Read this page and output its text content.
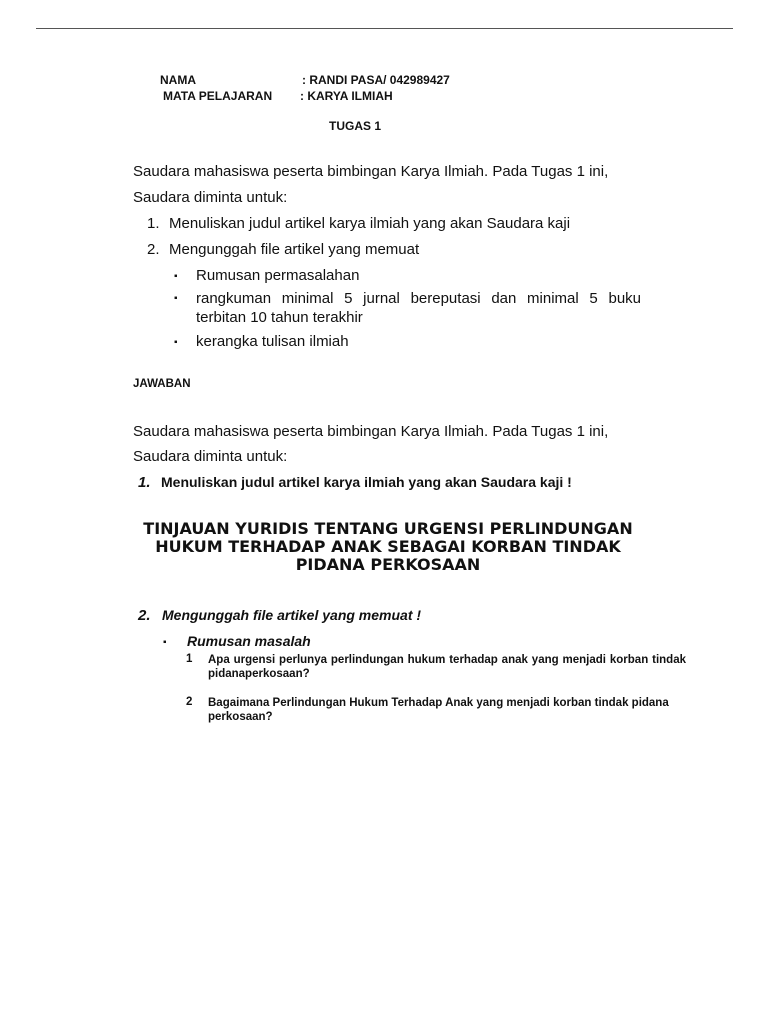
NAMA	: RANDI PASA/ 042989427
MATA PELAJARAN : KARYA ILMIAH
TUGAS 1
Saudara mahasiswa peserta bimbingan Karya Ilmiah. Pada Tugas 1 ini,
Saudara diminta untuk:
1. Menuliskan judul artikel karya ilmiah yang akan Saudara kaji
2. Mengunggah file artikel yang memuat
▪ Rumusan permasalahan
▪ rangkuman minimal 5 jurnal bereputasi dan minimal 5 buku terbitan 10 tahun terakhir
▪ kerangka tulisan ilmiah
JAWABAN
Saudara mahasiswa peserta bimbingan Karya Ilmiah. Pada Tugas 1 ini,
Saudara diminta untuk:
1. Menuliskan judul artikel karya ilmiah yang akan Saudara kaji !
TINJAUAN YURIDIS TENTANG URGENSI PERLINDUNGAN HUKUM TERHADAP ANAK SEBAGAI KORBAN TINDAK PIDANA PERKOSAAN
2. Mengunggah file artikel yang memuat !
▪ Rumusan masalah
1 Apa urgensi perlunya perlindungan hukum terhadap anak yang menjadi korban tindak pidanaperkosaan?
2 Bagaimana Perlindungan Hukum Terhadap Anak yang menjadi korban tindak pidana perkosaan?
